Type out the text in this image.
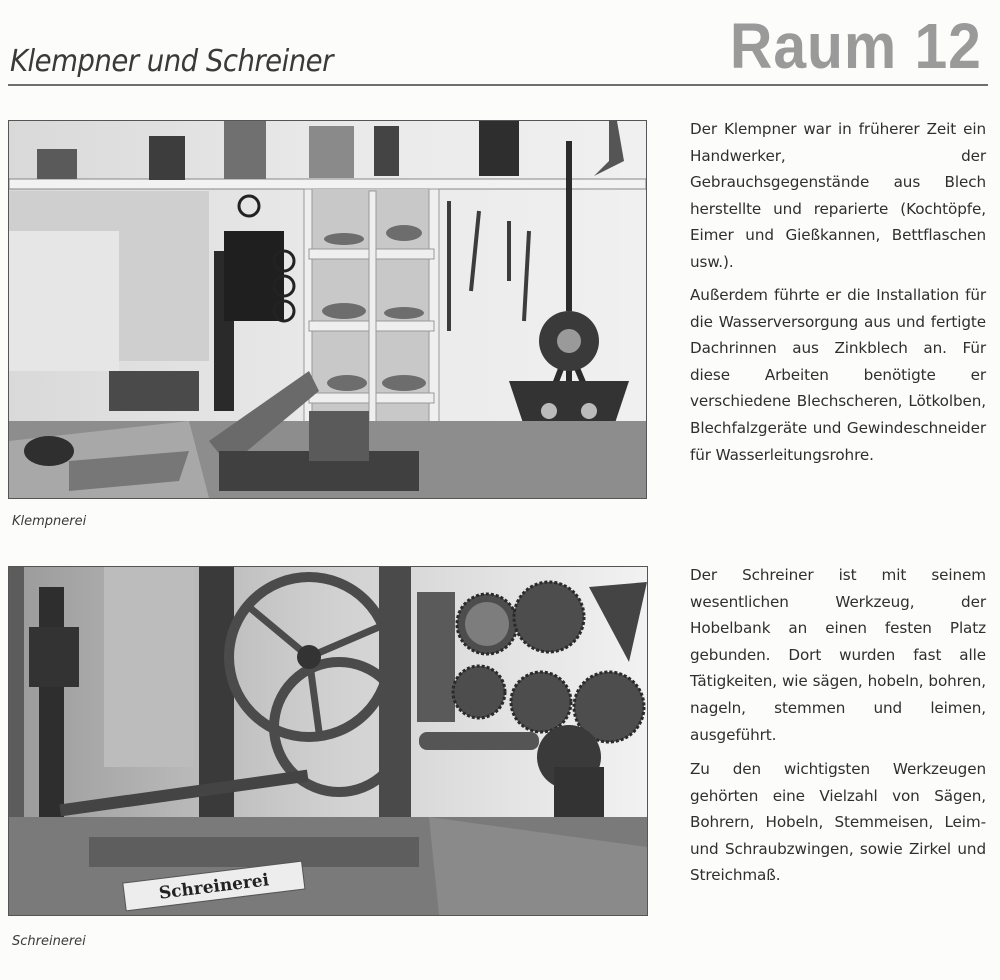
Klempner und Schreiner	Raum 12
Klempnerei
Schreinerei
Schreinerei

Der Klempner war in früherer Zeit ein Handwerker, der Gebrauchsgegenstände aus Blech herstellte und reparierte (Kochtöpfe, Eimer und Gießkannen, Bettflaschen usw.).

Außerdem führte er die Installation für die Wasserversorgung aus und fertigte Dachrinnen aus Zinkblech an. Für diese Arbeiten benötigte er verschiedene Blechscheren, Lötkolben, Blechfalzgeräte und Gewindeschneider für Wasserleitungsrohre.

Der Schreiner ist mit seinem wesentlichen Werkzeug, der Hobelbank an einen festen Platz gebunden. Dort wurden fast alle Tätigkeiten, wie sägen, hobeln, bohren, nageln, stemmen und leimen, ausgeführt.

Zu den wichtigsten Werkzeugen gehörten eine Vielzahl von Sägen, Bohrern, Hobeln, Stemmeisen, Leim- und Schraubzwingen, sowie Zirkel und Streichmaß.
